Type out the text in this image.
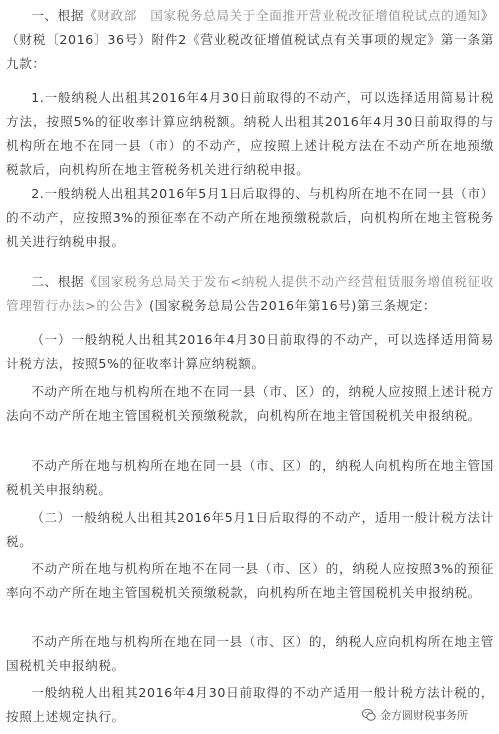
一、根据《财政部　国家税务总局关于全面推开营业税改征增值税试点的通知》（财税〔2016〕36号）附件2《营业税改征增值税试点有关事项的规定》第一条第九款：

1.一般纳税人出租其2016年4月30日前取得的不动产，可以选择适用简易计税方法，按照5%的征收率计算应纳税额。纳税人出租其2016年4月30日前取得的与机构所在地不在同一县（市）的不动产，应按照上述计税方法在不动产所在地预缴税款后，向机构所在地主管税务机关进行纳税申报。

2.一般纳税人出租其2016年5月1日后取得的、与机构所在地不在同一县（市）的不动产，应按照3%的预征率在不动产所在地预缴税款后，向机构所在地主管税务机关进行纳税申报。

二、根据《国家税务总局关于发布<纳税人提供不动产经营租赁服务增值税征收管理暂行办法>的公告》(国家税务总局公告2016年第16号)第三条规定：

（一）一般纳税人出租其2016年4月30日前取得的不动产，可以选择适用简易计税方法，按照5%的征收率计算应纳税额。

不动产所在地与机构所在地不在同一县（市、区）的，纳税人应按照上述计税方法向不动产所在地主管国税机关预缴税款，向机构所在地主管国税机关申报纳税。

不动产所在地与机构所在地在同一县（市、区）的，纳税人向机构所在地主管国税机关申报纳税。

（二）一般纳税人出租其2016年5月1日后取得的不动产，适用一般计税方法计税。

不动产所在地与机构所在地不在同一县（市、区）的，纳税人应按照3%的预征率向不动产所在地主管国税机关预缴税款，向机构所在地主管国税机关申报纳税。

不动产所在地与机构所在地在同一县（市、区）的，纳税人应向机构所在地主管国税机关申报纳税。

一般纳税人出租其2016年4月30日前取得的不动产适用一般计税方法计税的，按照上述规定执行。	金方圆财税事务所
